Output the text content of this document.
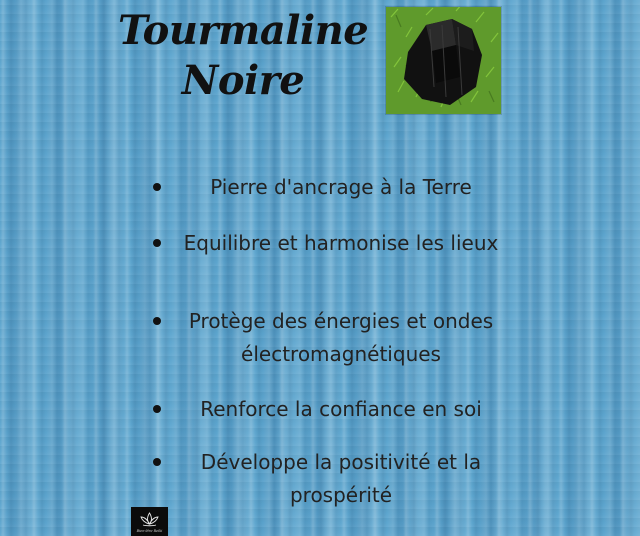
Tourmaline
Noire
Pierre d'ancrage à la Terre
Equilibre et harmonise les lieux
Protège des énergies et ondes électromagnétiques
Renforce la confiance en soi
Développe la positivité et la prospérité
Bien-être Reiki
